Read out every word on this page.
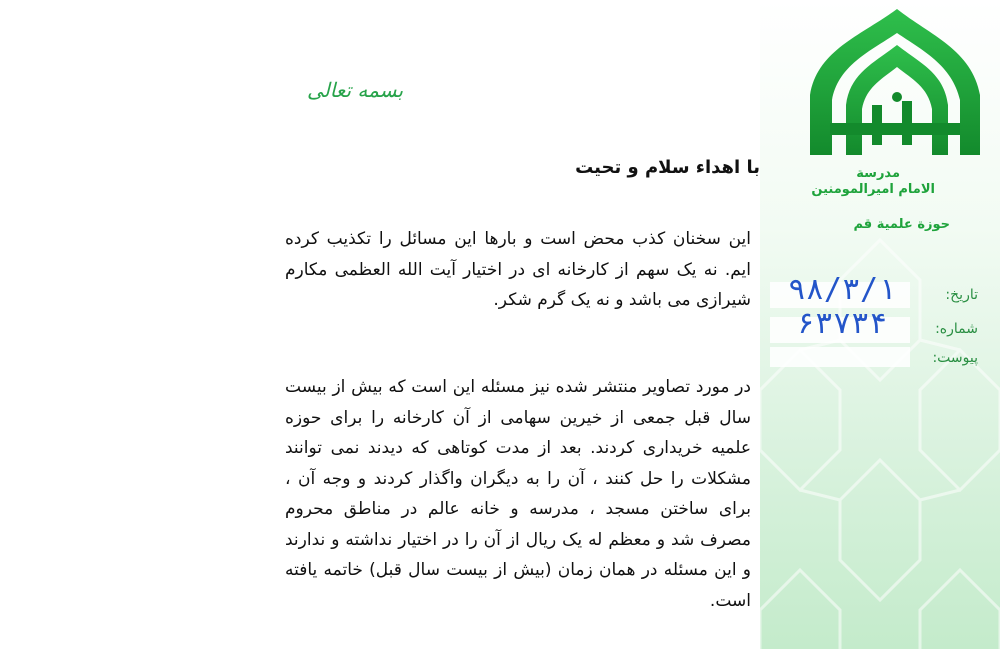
مدرسة
الامام امیرالمومنین
حوزة علمیة قم
۹۸/۳/۱	تاریخ:
۶۳۷۳۴	شماره:
پیوست:
بسمه تعالی
با اهداء سلام و تحیت
این سخنان کذب محض است و بارها این مسائل را تکذیب کرده ایم. نه یک سهم از کارخانه ای در اختیار آیت الله العظمی مکارم شیرازی می باشد و نه یک گرم شکر.
در مورد تصاویر منتشر شده نیز مسئله این است که بیش از بیست سال قبل جمعی از خیرین سهامی از آن کارخانه را برای حوزه علمیه خریداری کردند. بعد از مدت کوتاهی که دیدند نمی توانند مشکلات را حل کنند ، آن را به دیگران واگذار کردند و وجه آن ، برای ساختن مسجد ، مدرسه و خانه عالم در مناطق محروم مصرف شد و معظم له یک ریال از آن را در اختیار نداشته و ندارند و این مسئله در همان زمان (بیش از بیست سال قبل) خاتمه یافته است.
